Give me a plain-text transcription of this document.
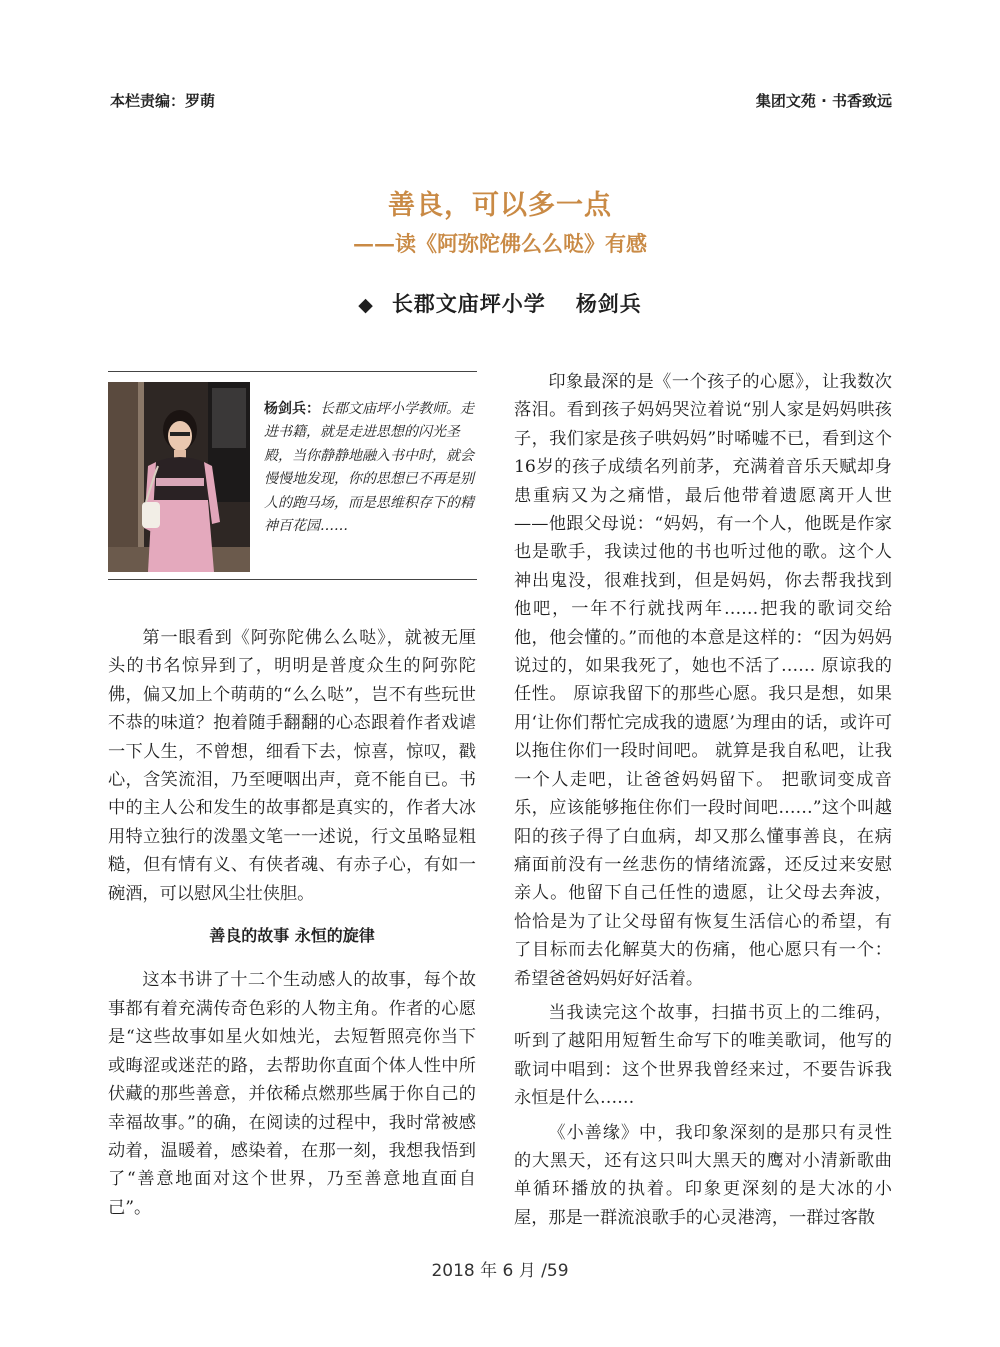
本栏责编：罗萌	集团文苑 · 书香致远
善良，可以多一点
——读《阿弥陀佛么么哒》有感
◆ 长郡文庙坪小学 杨剑兵
杨剑兵：长郡文庙坪小学教师。走进书籍，就是走进思想的闪光圣殿，当你静静地融入书中时，就会慢慢地发现，你的思想已不再是别人的跑马场，而是思维积存下的精神百花园……

第一眼看到《阿弥陀佛么么哒》，就被无厘头的书名惊异到了，明明是普度众生的阿弥陀佛，偏又加上个萌萌的“么么哒”，岂不有些玩世不恭的味道？抱着随手翻翻的心态跟着作者戏谑一下人生，不曾想，细看下去，惊喜，惊叹，戳心，含笑流泪，乃至哽咽出声，竟不能自已。书中的主人公和发生的故事都是真实的，作者大冰用特立独行的泼墨文笔一一述说，行文虽略显粗糙，但有情有义、有侠者魂、有赤子心，有如一碗酒，可以慰风尘壮侠胆。

善良的故事 永恒的旋律

这本书讲了十二个生动感人的故事，每个故事都有着充满传奇色彩的人物主角。作者的心愿是“这些故事如星火如烛光，去短暂照亮你当下或晦涩或迷茫的路，去帮助你直面个体人性中所伏藏的那些善意，并依稀点燃那些属于你自己的幸福故事。”的确，在阅读的过程中，我时常被感动着，温暖着，感染着，在那一刻，我想我悟到了“善意地面对这个世界，乃至善意地直面自己”。

印象最深的是《一个孩子的心愿》，让我数次落泪。看到孩子妈妈哭泣着说“别人家是妈妈哄孩子，我们家是孩子哄妈妈”时唏嘘不已，看到这个16岁的孩子成绩名列前茅，充满着音乐天赋却身患重病又为之痛惜，最后他带着遗愿离开人世——他跟父母说：“妈妈，有一个人，他既是作家也是歌手，我读过他的书也听过他的歌。这个人神出鬼没，很难找到，但是妈妈，你去帮我找到他吧，一年不行就找两年……把我的歌词交给他，他会懂的。”而他的本意是这样的：“因为妈妈说过的，如果我死了，她也不活了…… 原谅我的任性。 原谅我留下的那些心愿。我只是想，如果用‘让你们帮忙完成我的遗愿’为理由的话，或许可以拖住你们一段时间吧。 就算是我自私吧，让我一个人走吧，让爸爸妈妈留下。 把歌词变成音乐，应该能够拖住你们一段时间吧……”这个叫越阳的孩子得了白血病，却又那么懂事善良，在病痛面前没有一丝悲伤的情绪流露，还反过来安慰亲人。他留下自己任性的遗愿，让父母去奔波，恰恰是为了让父母留有恢复生活信心的希望，有了目标而去化解莫大的伤痛，他心愿只有一个：希望爸爸妈妈好好活着。

当我读完这个故事，扫描书页上的二维码，听到了越阳用短暂生命写下的唯美歌词，他写的歌词中唱到：这个世界我曾经来过，不要告诉我永恒是什么……

《小善缘》中，我印象深刻的是那只有灵性的大黑天，还有这只叫大黑天的鹰对小清新歌曲单循环播放的执着。印象更深刻的是大冰的小屋，那是一群流浪歌手的心灵港湾，一群过客散

2018 年 6 月 /59
